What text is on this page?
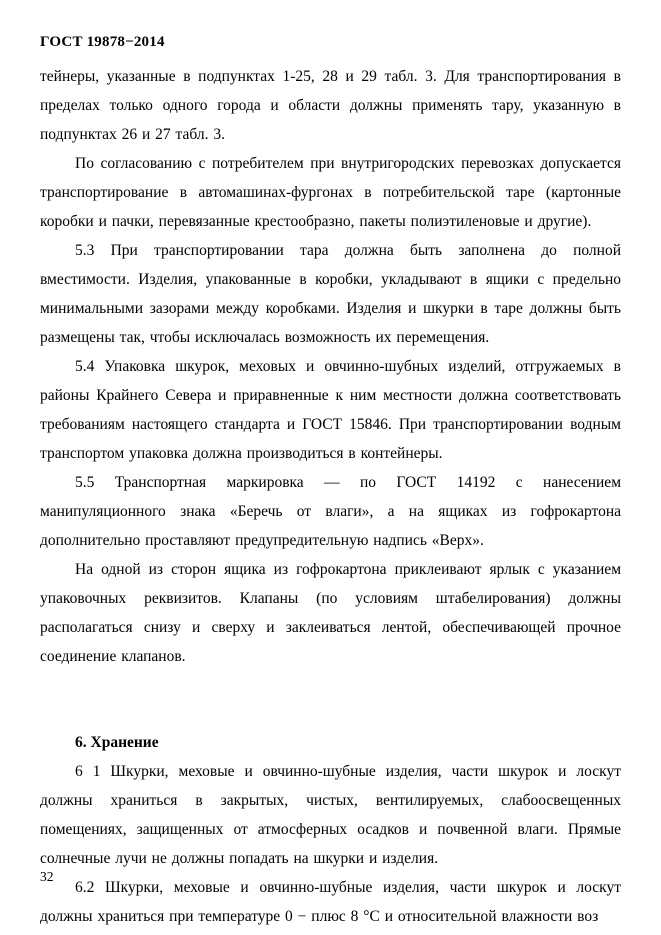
ГОСТ 19878−2014

тейнеры, указанные в подпунктах 1-25, 28 и 29 табл. 3. Для транспортирования в пределах только одного города и области должны применять тару, указанную в подпунктах 26 и 27 табл. 3.

По согласованию с потребителем при внутригородских перевозках допускается транспортирование в автомашинах-фургонах в потребительской таре (картонные коробки и пачки, перевязанные крестообразно, пакеты полиэтиленовые и другие).

5.3 При транспортировании тара должна быть заполнена до полной вместимости. Изделия, упакованные в коробки, укладывают в ящики с предельно минимальными зазорами между коробками. Изделия и шкурки в таре должны быть размещены так, чтобы исключалась возможность их перемещения.

5.4 Упаковка шкурок, меховых и овчинно-шубных изделий, отгружаемых в районы Крайнего Севера и приравненные к ним местности должна соответствовать требованиям настоящего стандарта и ГОСТ 15846. При транспортировании водным транспортом упаковка должна производиться в контейнеры.

5.5 Транспортная маркировка — по ГОСТ 14192 с нанесением манипуляционного знака «Беречь от влаги», а на ящиках из гофрокартона дополнительно проставляют предупредительную надпись «Верх».

На одной из сторон ящика из гофрокартона приклеивают ярлык с указанием упаковочных реквизитов. Клапаны (по условиям штабелирования) должны располагаться снизу и сверху и заклеиваться лентой, обеспечивающей прочное соединение клапанов.

6. Хранение

6 1 Шкурки, меховые и овчинно-шубные изделия, части шкурок и лоскут должны храниться в закрытых, чистых, вентилируемых, слабоосвещенных помещениях, защищенных от атмосферных осадков и почвенной влаги. Прямые солнечные лучи не должны попадать на шкурки и изделия.

6.2 Шкурки, меховые и овчинно-шубные изделия, части шкурок и лоскут должны храниться при температуре 0 − плюс 8 °С и относительной влажности воз

32
